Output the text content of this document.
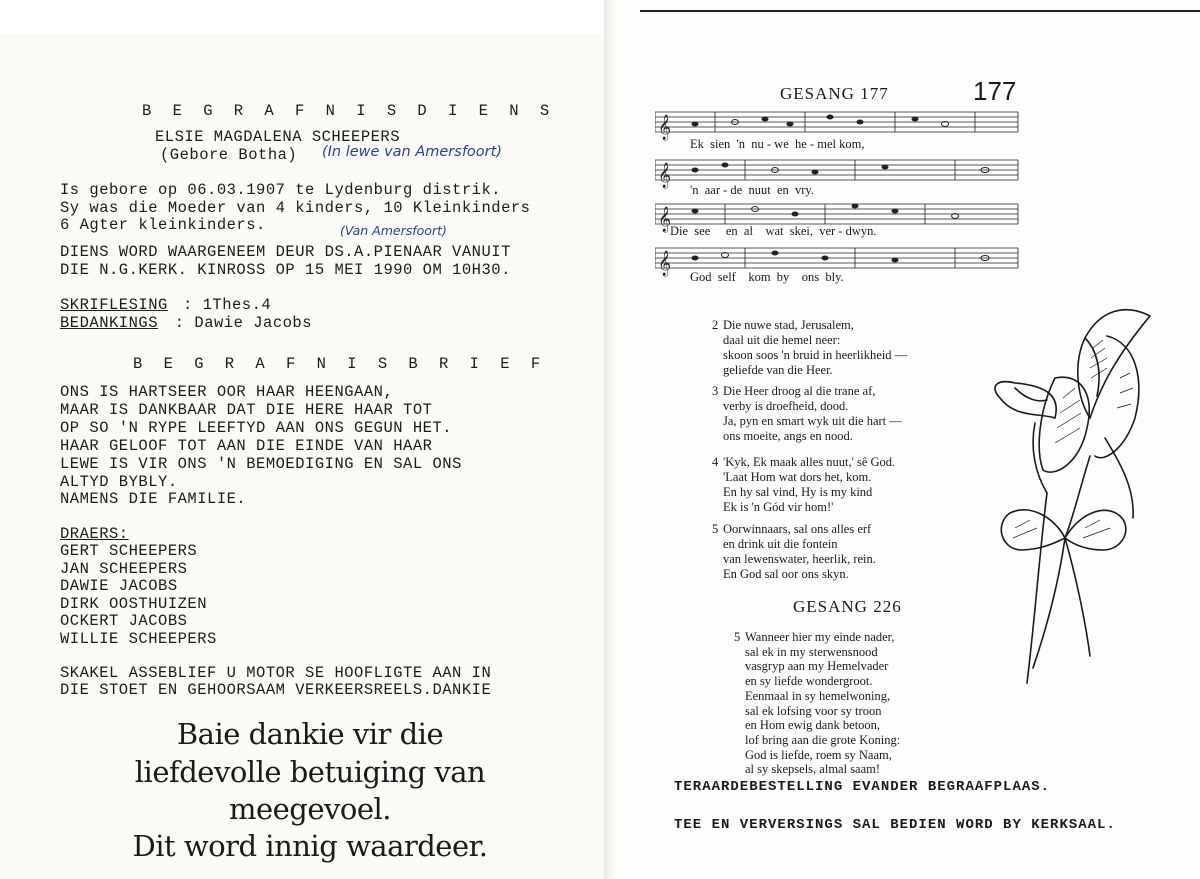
B E G R A F N I S D I E N S
ELSIE MAGDALENA SCHEEPERS
(Gebore Botha) (In lewe van Amersfoort)
Is gebore op 06.03.1907 te Lydenburg distrik.
Sy was die Moeder van 4 kinders, 10 Kleinkinders
6 Agter kleinkinders.	(Van Amersfoort)
DIENS WORD WAARGENEEM DEUR DS.A.PIENAAR VANUIT
DIE N.G.KERK. KINROSS OP 15 MEI 1990 OM 10H30.
SKRIFLESING : 1Thes.4
BEDANKINGS : Dawie Jacobs
B E G R A F N I S B R I E F
ONS IS HARTSEER OOR HAAR HEENGAAN,
MAAR IS DANKBAAR DAT DIE HERE HAAR TOT
OP SO 'N RYPE LEEFTYD AAN ONS GEGUN HET.
HAAR GELOOF TOT AAN DIE EINDE VAN HAAR
LEWE IS VIR ONS 'N BEMOEDIGING EN SAL ONS
ALTYD BYBLY.
NAMENS DIE FAMILIE.
DRAERS:
GERT SCHEEPERS
JAN SCHEEPERS
DAWIE JACOBS
DIRK OOSTHUIZEN
OCKERT JACOBS
WILLIE SCHEEPERS
SKAKEL ASSEBLIEF U MOTOR SE HOOFLIGTE AAN IN
DIE STOET EN GEHOORSAAM VERKEERSREELS.DANKIE
Baie dankie vir die
liefdevolle betuiging van
meegevoel.
Dit word innig waardeer.
GESANG 177	177
𝄞
𝄞
𝄞
𝄞
Ek  sien  'n  nu - we  he - mel kom,
'n  aar - de  nuut  en  vry.
Die  see     en  al    wat  skei,  ver - dwyn.
God  self    kom  by    ons  bly.
2 Die nuwe stad, Jerusalem,
daal uit die hemel neer:
skoon soos 'n bruid in heerlikheid —
geliefde van die Heer.
3 Die Heer droog al die trane af,
verby is droefheid, dood.
Ja, pyn en smart wyk uit die hart —
ons moeite, angs en nood.
4 'Kyk, Ek maak alles nuut,' sê God.
'Laat Hom wat dors het, kom.
En hy sal vind, Hy is my kind
Ek is 'n Gód vir hom!'
5 Oorwinnaars, sal ons alles erf
en drink uit die fontein
van lewenswater, heerlik, rein.
En God sal oor ons skyn.
GESANG 226
5 Wanneer hier my einde nader,
sal ek in my sterwensnood
vasgryp aan my Hemelvader
en sy liefde wondergroot.
Eenmaal in sy hemelwoning,
sal ek lofsing voor sy troon
en Hom ewig dank betoon,
lof bring aan die grote Koning:
God is liefde, roem sy Naam,
al sy skepsels, almal saam!
TERAARDEBESTELLING EVANDER BEGRAAFPLAAS.
TEE EN VERVERSINGS SAL BEDIEN WORD BY KERKSAAL.
